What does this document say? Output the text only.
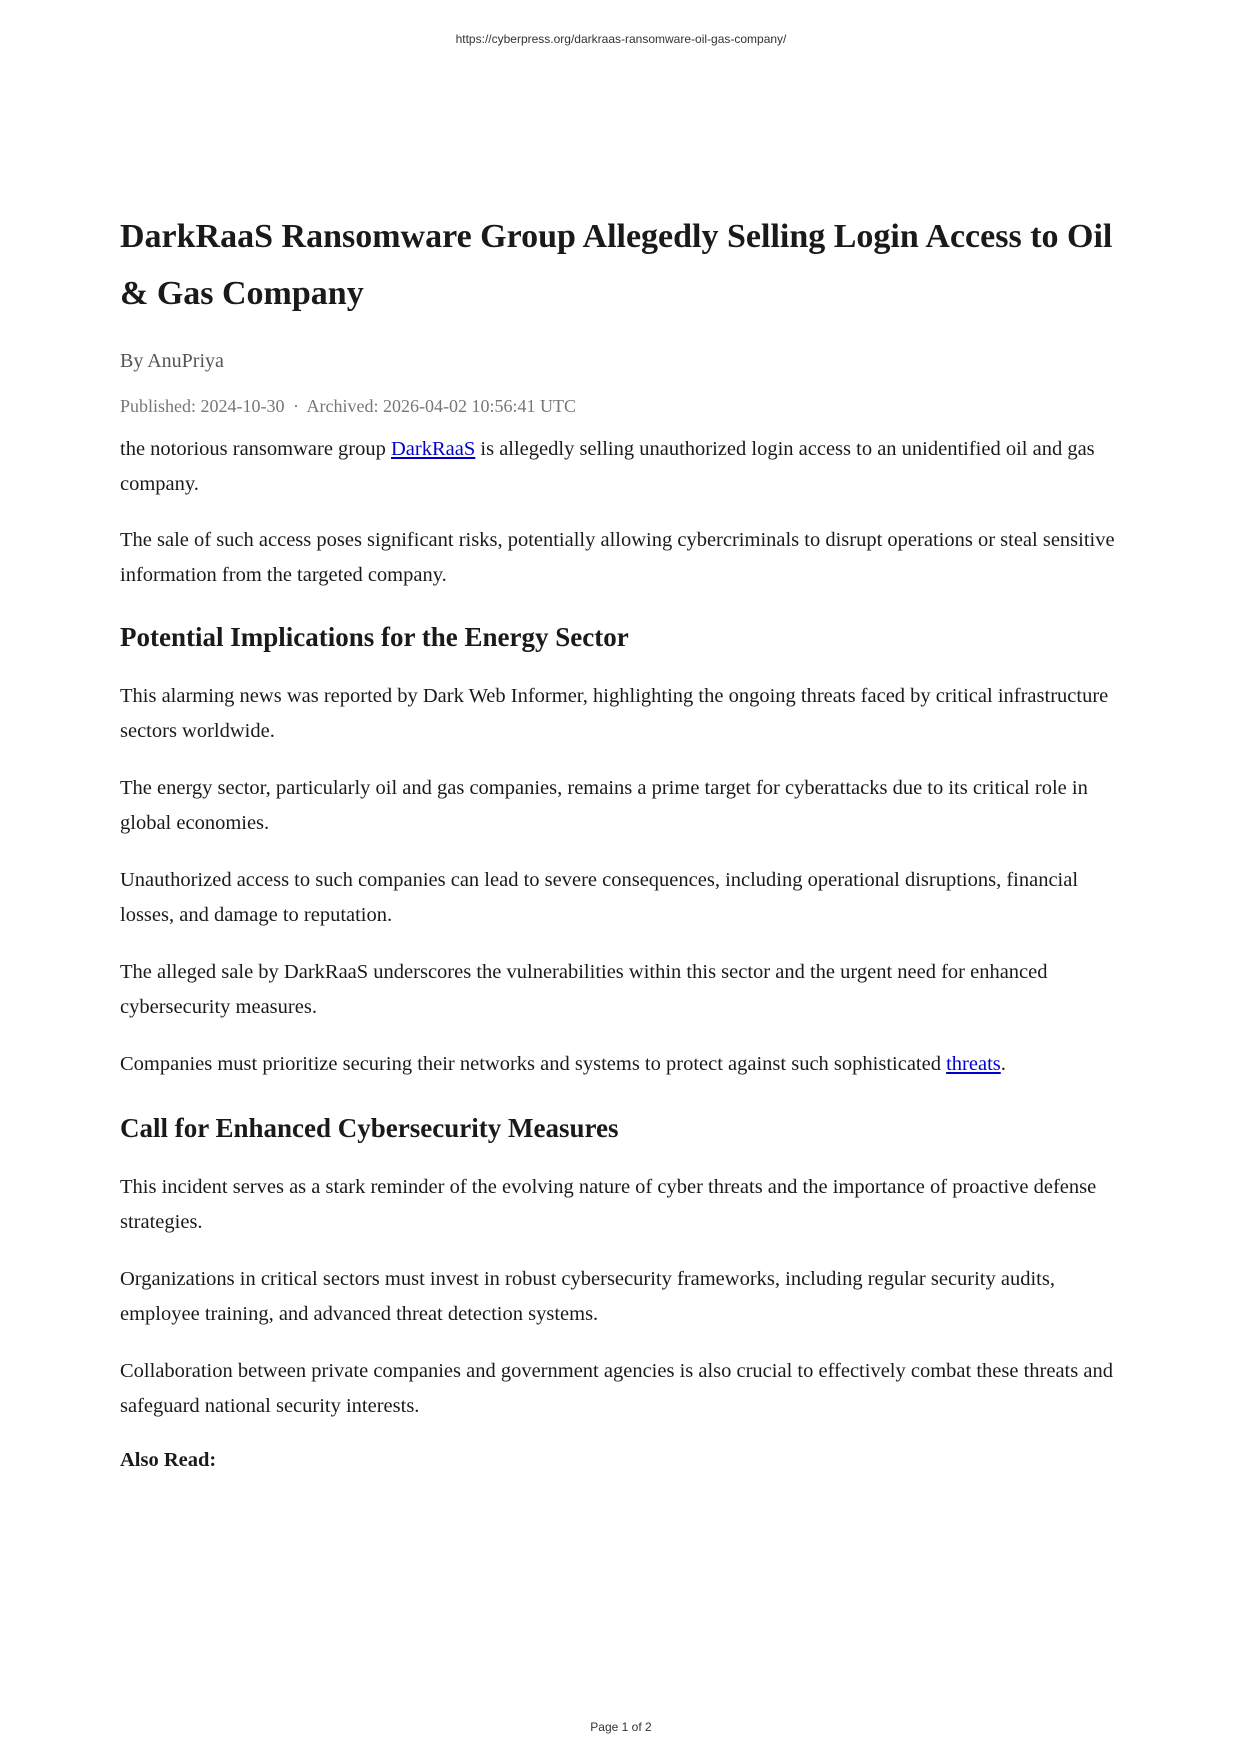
https://cyberpress.org/darkraas-ransomware-oil-gas-company/
DarkRaaS Ransomware Group Allegedly Selling Login Access to Oil & Gas Company
By AnuPriya
Published: 2024-10-30 · Archived: 2026-04-02 10:56:41 UTC

the notorious ransomware group DarkRaaS is allegedly selling unauthorized login access to an unidentified oil and gas company.

The sale of such access poses significant risks, potentially allowing cybercriminals to disrupt operations or steal sensitive information from the targeted company.

Potential Implications for the Energy Sector

This alarming news was reported by Dark Web Informer, highlighting the ongoing threats faced by critical infrastructure sectors worldwide.

The energy sector, particularly oil and gas companies, remains a prime target for cyberattacks due to its critical role in global economies.

Unauthorized access to such companies can lead to severe consequences, including operational disruptions, financial losses, and damage to reputation.

The alleged sale by DarkRaaS underscores the vulnerabilities within this sector and the urgent need for enhanced cybersecurity measures.

Companies must prioritize securing their networks and systems to protect against such sophisticated threats.

Call for Enhanced Cybersecurity Measures

This incident serves as a stark reminder of the evolving nature of cyber threats and the importance of proactive defense strategies.

Organizations in critical sectors must invest in robust cybersecurity frameworks, including regular security audits, employee training, and advanced threat detection systems.

Collaboration between private companies and government agencies is also crucial to effectively combat these threats and safeguard national security interests.

Also Read:
Page 1 of 2
